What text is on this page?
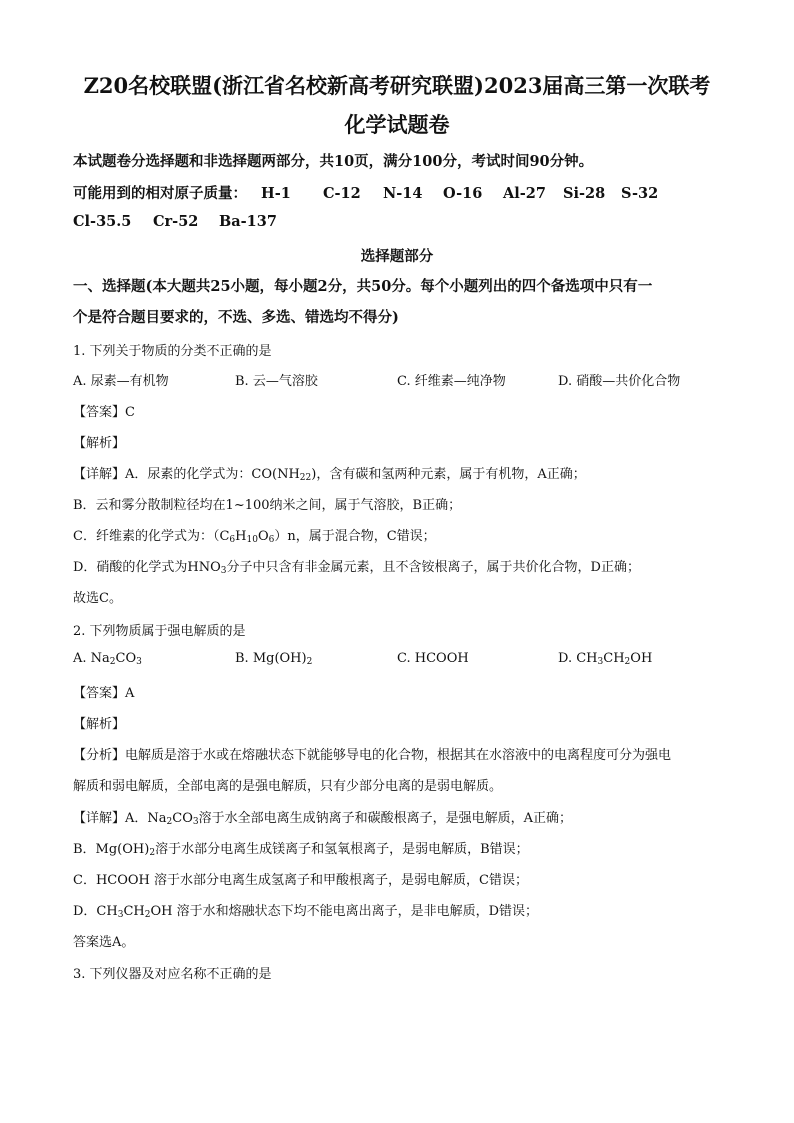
Z20名校联盟(浙江省名校新高考研究联盟)2023届高三第一次联考
化学试题卷
本试题卷分选择题和非选择题两部分，共10页，满分100分，考试时间90分钟。
可能用到的相对原子质量： H-1 C-12 N-14 O-16 Al-27 Si-28 S-32
Cl-35.5 Cr-52 Ba-137
选择题部分
一、选择题(本大题共25小题，每小题2分，共50分。每个小题列出的四个备选项中只有一
个是符合题目要求的，不选、多选、错选均不得分)
1. 下列关于物质的分类不正确的是
A. 尿素—有机物	B. 云—气溶胶	C. 纤维素—纯净物	D. 硝酸—共价化合物
【答案】C
【解析】
【详解】A．尿素的化学式为：$CO(NH_{22})$，含有碳和氢两种元素，属于有机物，A正确；
B．云和雾分散制粒径均在1~100纳米之间，属于气溶胶，B正确；
C．纤维素的化学式为：$(C_6H_{10}O_6)n$，属于混合物，C错误；
D．硝酸的化学式为$HNO_3$分子中只含有非金属元素，且不含铵根离子，属于共价化合物，D正确；
故选C。
2. 下列物质属于强电解质的是
A. $Na_2CO_3$	B. $Mg(OH)_2$	C. HCOOH	D. $CH_3CH_2OH$
【答案】A
【解析】
【分析】电解质是溶于水或在熔融状态下就能够导电的化合物，根据其在水溶液中的电离程度可分为强电
解质和弱电解质，全部电离的是强电解质，只有少部分电离的是弱电解质。
【详解】A．$Na_2CO_3$溶于水全部电离生成钠离子和碳酸根离子，是强电解质，A正确；
B．$Mg(OH)_2$溶于水部分电离生成镁离子和氢氧根离子，是弱电解质，B错误；
C．HCOOH 溶于水部分电离生成氢离子和甲酸根离子，是弱电解质，C错误；
D．$CH_3CH_2OH$ 溶于水和熔融状态下均不能电离出离子，是非电解质，D错误；
答案选A。
3. 下列仪器及对应名称不正确的是
